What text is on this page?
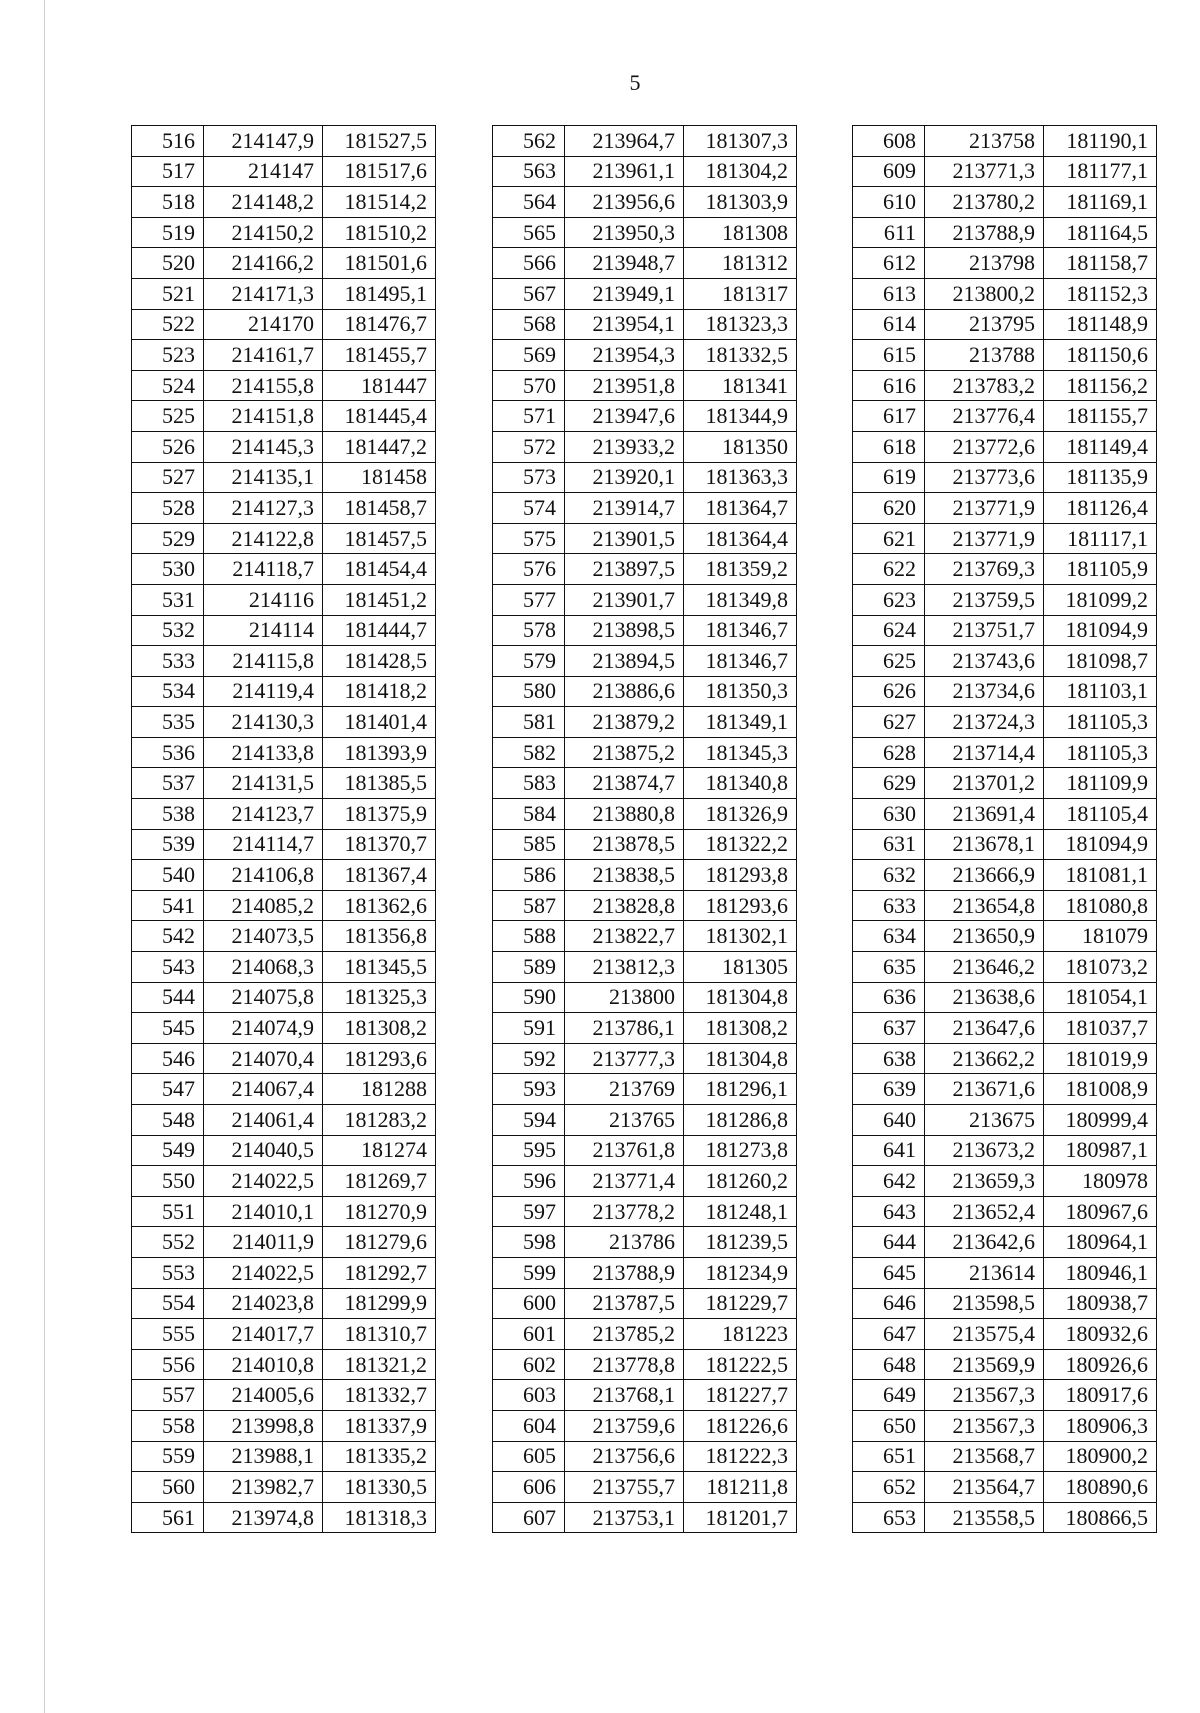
5
516	214147,9	181527,5
517	214147	181517,6
518	214148,2	181514,2
519	214150,2	181510,2
520	214166,2	181501,6
521	214171,3	181495,1
522	214170	181476,7
523	214161,7	181455,7
524	214155,8	181447
525	214151,8	181445,4
526	214145,3	181447,2
527	214135,1	181458
528	214127,3	181458,7
529	214122,8	181457,5
530	214118,7	181454,4
531	214116	181451,2
532	214114	181444,7
533	214115,8	181428,5
534	214119,4	181418,2
535	214130,3	181401,4
536	214133,8	181393,9
537	214131,5	181385,5
538	214123,7	181375,9
539	214114,7	181370,7
540	214106,8	181367,4
541	214085,2	181362,6
542	214073,5	181356,8
543	214068,3	181345,5
544	214075,8	181325,3
545	214074,9	181308,2
546	214070,4	181293,6
547	214067,4	181288
548	214061,4	181283,2
549	214040,5	181274
550	214022,5	181269,7
551	214010,1	181270,9
552	214011,9	181279,6
553	214022,5	181292,7
554	214023,8	181299,9
555	214017,7	181310,7
556	214010,8	181321,2
557	214005,6	181332,7
558	213998,8	181337,9
559	213988,1	181335,2
560	213982,7	181330,5
561	213974,8	181318,3
562	213964,7	181307,3
563	213961,1	181304,2
564	213956,6	181303,9
565	213950,3	181308
566	213948,7	181312
567	213949,1	181317
568	213954,1	181323,3
569	213954,3	181332,5
570	213951,8	181341
571	213947,6	181344,9
572	213933,2	181350
573	213920,1	181363,3
574	213914,7	181364,7
575	213901,5	181364,4
576	213897,5	181359,2
577	213901,7	181349,8
578	213898,5	181346,7
579	213894,5	181346,7
580	213886,6	181350,3
581	213879,2	181349,1
582	213875,2	181345,3
583	213874,7	181340,8
584	213880,8	181326,9
585	213878,5	181322,2
586	213838,5	181293,8
587	213828,8	181293,6
588	213822,7	181302,1
589	213812,3	181305
590	213800	181304,8
591	213786,1	181308,2
592	213777,3	181304,8
593	213769	181296,1
594	213765	181286,8
595	213761,8	181273,8
596	213771,4	181260,2
597	213778,2	181248,1
598	213786	181239,5
599	213788,9	181234,9
600	213787,5	181229,7
601	213785,2	181223
602	213778,8	181222,5
603	213768,1	181227,7
604	213759,6	181226,6
605	213756,6	181222,3
606	213755,7	181211,8
607	213753,1	181201,7
608	213758	181190,1
609	213771,3	181177,1
610	213780,2	181169,1
611	213788,9	181164,5
612	213798	181158,7
613	213800,2	181152,3
614	213795	181148,9
615	213788	181150,6
616	213783,2	181156,2
617	213776,4	181155,7
618	213772,6	181149,4
619	213773,6	181135,9
620	213771,9	181126,4
621	213771,9	181117,1
622	213769,3	181105,9
623	213759,5	181099,2
624	213751,7	181094,9
625	213743,6	181098,7
626	213734,6	181103,1
627	213724,3	181105,3
628	213714,4	181105,3
629	213701,2	181109,9
630	213691,4	181105,4
631	213678,1	181094,9
632	213666,9	181081,1
633	213654,8	181080,8
634	213650,9	181079
635	213646,2	181073,2
636	213638,6	181054,1
637	213647,6	181037,7
638	213662,2	181019,9
639	213671,6	181008,9
640	213675	180999,4
641	213673,2	180987,1
642	213659,3	180978
643	213652,4	180967,6
644	213642,6	180964,1
645	213614	180946,1
646	213598,5	180938,7
647	213575,4	180932,6
648	213569,9	180926,6
649	213567,3	180917,6
650	213567,3	180906,3
651	213568,7	180900,2
652	213564,7	180890,6
653	213558,5	180866,5
